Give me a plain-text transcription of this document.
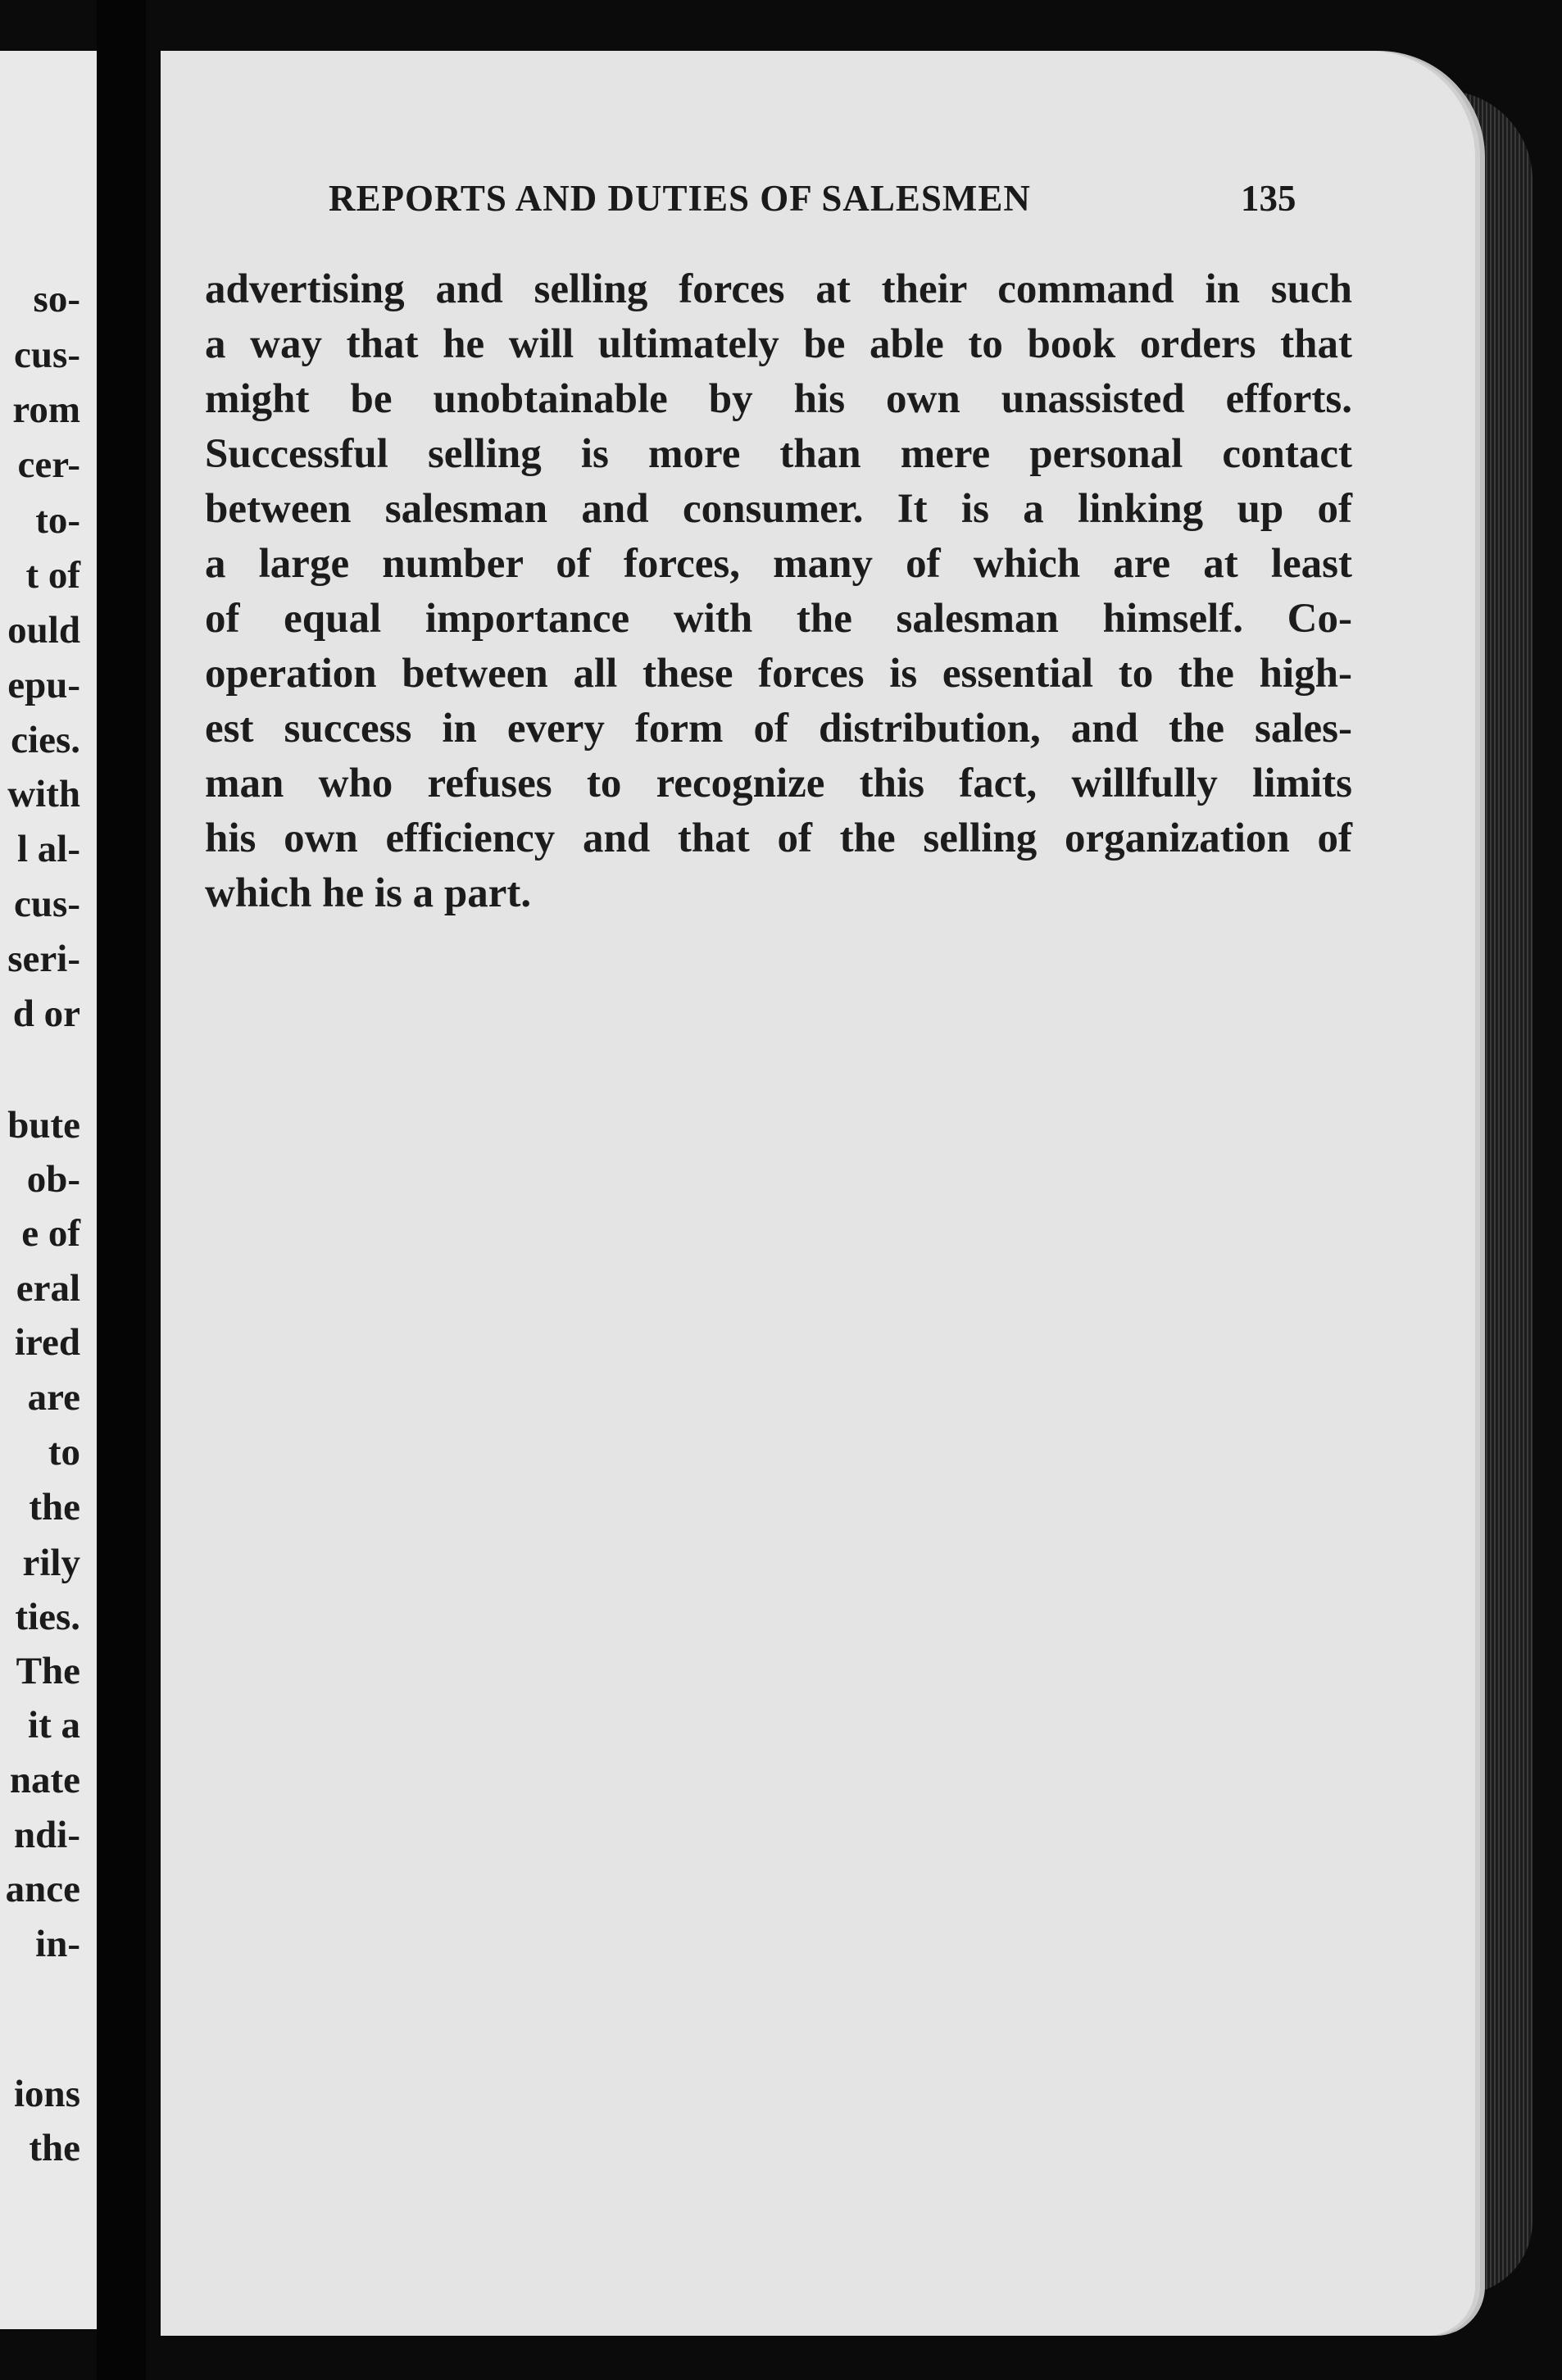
so-

cus-

rom

cer-

to-

t of

ould

epu-

cies.

with

l al-

cus-

seri-

d or

bute

ob-

e of

eral

ired

are

to

the

rily

ties.

The

it a

nate

ndi-

ance

in-

ions

the

REPORTS AND DUTIES OF SALESMEN	135

advertising and selling forces at their command in such
a way that he will ultimately be able to book orders that
might be unobtainable by his own unassisted efforts.
Successful selling is more than mere personal contact
between salesman and consumer. It is a linking up of
a large number of forces, many of which are at least
of equal importance with the salesman himself. Co-
operation between all these forces is essential to the high-
est success in every form of distribution, and the sales-
man who refuses to recognize this fact, willfully limits
his own efficiency and that of the selling organization of
which he is a part.
